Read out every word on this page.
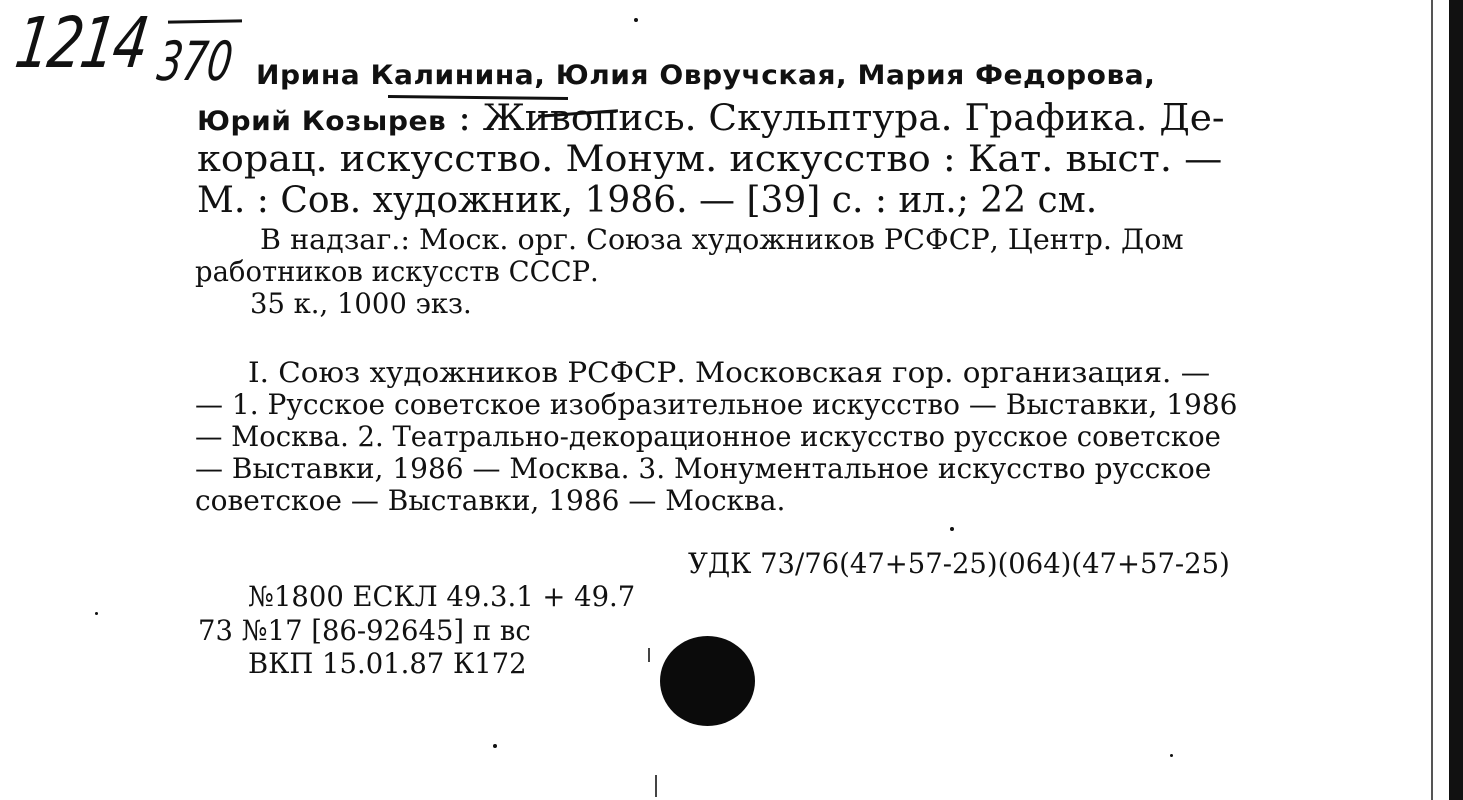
1214 370 Ирина Калинина, Юлия Овручская, Мария Федорова,

Юрий Козырев : Живопись. Скульптура. Графика. Де-

корац. искусство. Монум. искусство : Кат. выст. —

М. : Сов. художник, 1986. — [39] с. : ил.; 22 см.

В надзаг.: Моск. орг. Союза художников РСФСР, Центр. Дом

работников искусств СССР.

35 к., 1000 экз.

I. Союз художников РСФСР. Московская гор. организация. —

— 1. Русское советское изобразительное искусство — Выставки, 1986

— Москва. 2. Театрально-декорационное искусство русское советское

— Выставки, 1986 — Москва. 3. Монументальное искусство русское

советское — Выставки, 1986 — Москва.

УДК 73/76(47+57-25)(064)(47+57-25)

№1800 ЕСКЛ 49.3.1 + 49.7

73 №17 [86-92645] п вс

ВКП 15.01.87 К172
